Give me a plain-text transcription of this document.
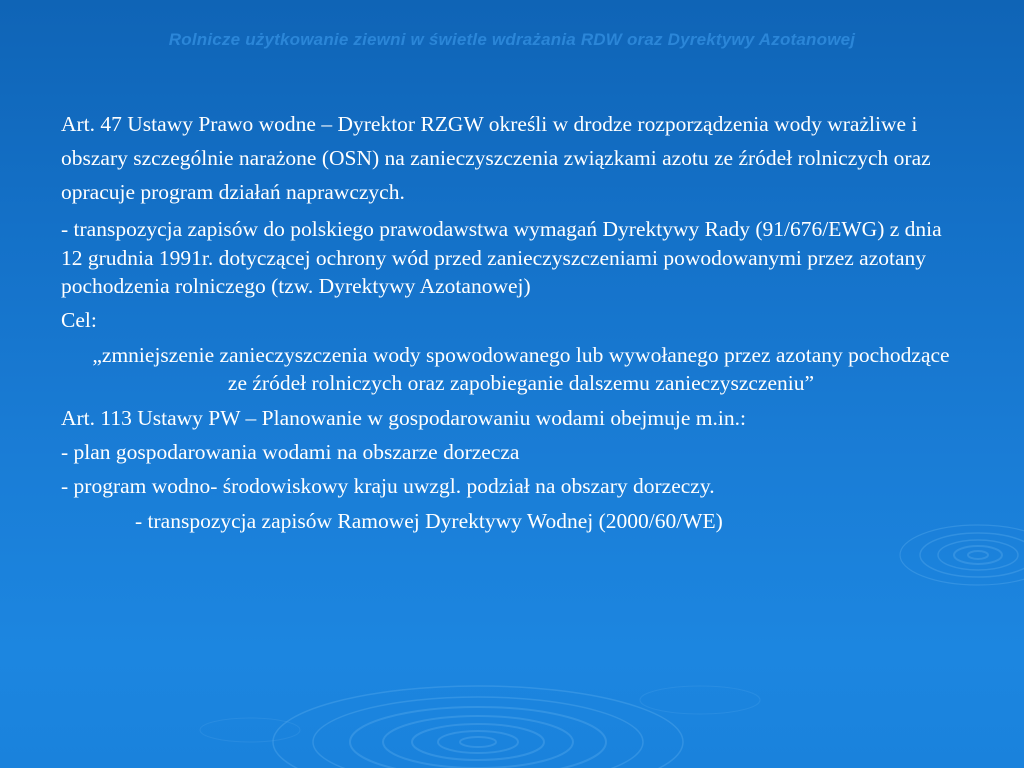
Rolnicze użytkowanie ziewni w świetle wdrażania RDW oraz Dyrektywy Azotanowej

Art. 47 Ustawy Prawo wodne – Dyrektor RZGW określi w drodze rozporządzenia wody wrażliwe i obszary szczególnie narażone (OSN) na zanieczyszczenia związkami azotu ze źródeł rolniczych oraz opracuje program działań naprawczych.

- transpozycja zapisów do polskiego prawodawstwa wymagań Dyrektywy Rady (91/676/EWG) z dnia 12 grudnia 1991r. dotyczącej ochrony wód przed zanieczyszczeniami powodowanymi przez azotany pochodzenia rolniczego (tzw. Dyrektywy Azotanowej)

Cel:

„zmniejszenie zanieczyszczenia wody spowodowanego lub wywołanego przez azotany pochodzące ze źródeł rolniczych oraz zapobieganie dalszemu zanieczyszczeniu”

Art. 113 Ustawy PW – Planowanie w gospodarowaniu wodami obejmuje m.in.:

- plan gospodarowania wodami na obszarze dorzecza

- program wodno- środowiskowy kraju uwzgl. podział na obszary dorzeczy.

- transpozycja zapisów Ramowej Dyrektywy Wodnej (2000/60/WE)
